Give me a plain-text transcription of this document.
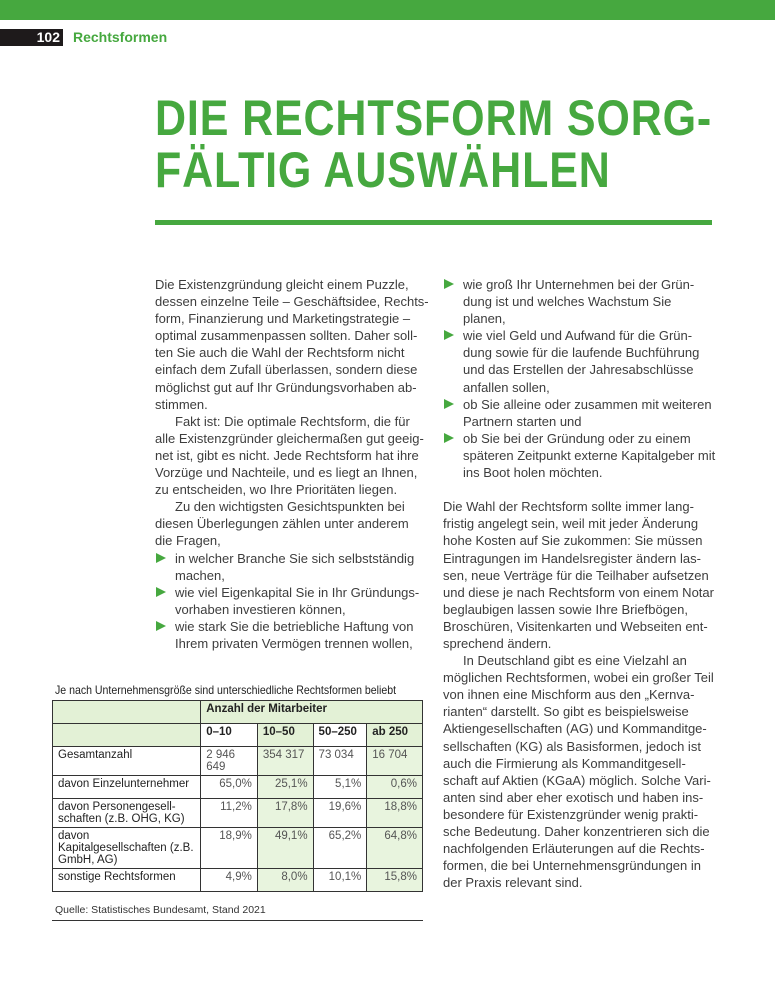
102 Rechtsformen
DIE RECHTSFORM SORG-
FÄLTIG AUSWÄHLEN
Die Existenzgründung gleicht einem Puzzle,
dessen einzelne Teile – Geschäftsidee, Rechts-
form, Finanzierung und Marketingstrategie –
optimal zusammenpassen sollten. Daher soll-
ten Sie auch die Wahl der Rechtsform nicht
einfach dem Zufall überlassen, sondern diese
möglichst gut auf Ihr Gründungsvorhaben ab-
stimmen.
Fakt ist: Die optimale Rechtsform, die für
alle Existenzgründer gleichermaßen gut geeig-
net ist, gibt es nicht. Jede Rechtsform hat ihre
Vorzüge und Nachteile, und es liegt an Ihnen,
zu entscheiden, wo Ihre Prioritäten liegen.
Zu den wichtigsten Gesichtspunkten bei
diesen Überlegungen zählen unter anderem
die Fragen,
in welcher Branche Sie sich selbstständig
machen,
wie viel Eigenkapital Sie in Ihr Gründungs-
vorhaben investieren können,
wie stark Sie die betriebliche Haftung von
Ihrem privaten Vermögen trennen wollen,
wie groß Ihr Unternehmen bei der Grün-
dung ist und welches Wachstum Sie
planen,
wie viel Geld und Aufwand für die Grün-
dung sowie für die laufende Buchführung
und das Erstellen der Jahresabschlüsse
anfallen sollen,
ob Sie alleine oder zusammen mit weiteren
Partnern starten und
ob Sie bei der Gründung oder zu einem
späteren Zeitpunkt externe Kapitalgeber mit
ins Boot holen möchten.
Die Wahl der Rechtsform sollte immer lang-
fristig angelegt sein, weil mit jeder Änderung
hohe Kosten auf Sie zukommen: Sie müssen
Eintragungen im Handelsregister ändern las-
sen, neue Verträge für die Teilhaber aufsetzen
und diese je nach Rechtsform von einem Notar
beglaubigen lassen sowie Ihre Briefbögen,
Broschüren, Visitenkarten und Webseiten ent-
sprechend ändern.
In Deutschland gibt es eine Vielzahl an
möglichen Rechtsformen, wobei ein großer Teil
von ihnen eine Mischform aus den „Kernva-
rianten“ darstellt. So gibt es beispielsweise
Aktiengesellschaften (AG) und Kommanditge-
sellschaften (KG) als Basisformen, jedoch ist
auch die Firmierung als Kommanditgesell-
schaft auf Aktien (KGaA) möglich. Solche Vari-
anten sind aber eher exotisch und haben ins-
besondere für Existenzgründer wenig prakti-
sche Bedeutung. Daher konzentrieren sich die
nachfolgenden Erläuterungen auf die Rechts-
formen, die bei Unternehmensgründungen in
der Praxis relevant sind.
Je nach Unternehmensgröße sind unterschiedliche Rechtsformen beliebt
	Anzahl der Mitarbeiter			
	0–10	10–50	50–250	ab 250
Gesamtanzahl	2 946 649	354 317	73 034	16 704
davon Einzelunternehmer	65,0%	25,1%	5,1%	0,6%
davon Personengesell-schaften (z.B. OHG, KG)	11,2%	17,8%	19,6%	18,8%
davon Kapitalgesellschaften (z.B. GmbH, AG)	18,9%	49,1%	65,2%	64,8%
sonstige Rechtsformen	4,9%	8,0%	10,1%	15,8%
Quelle: Statistisches Bundesamt, Stand 2021
